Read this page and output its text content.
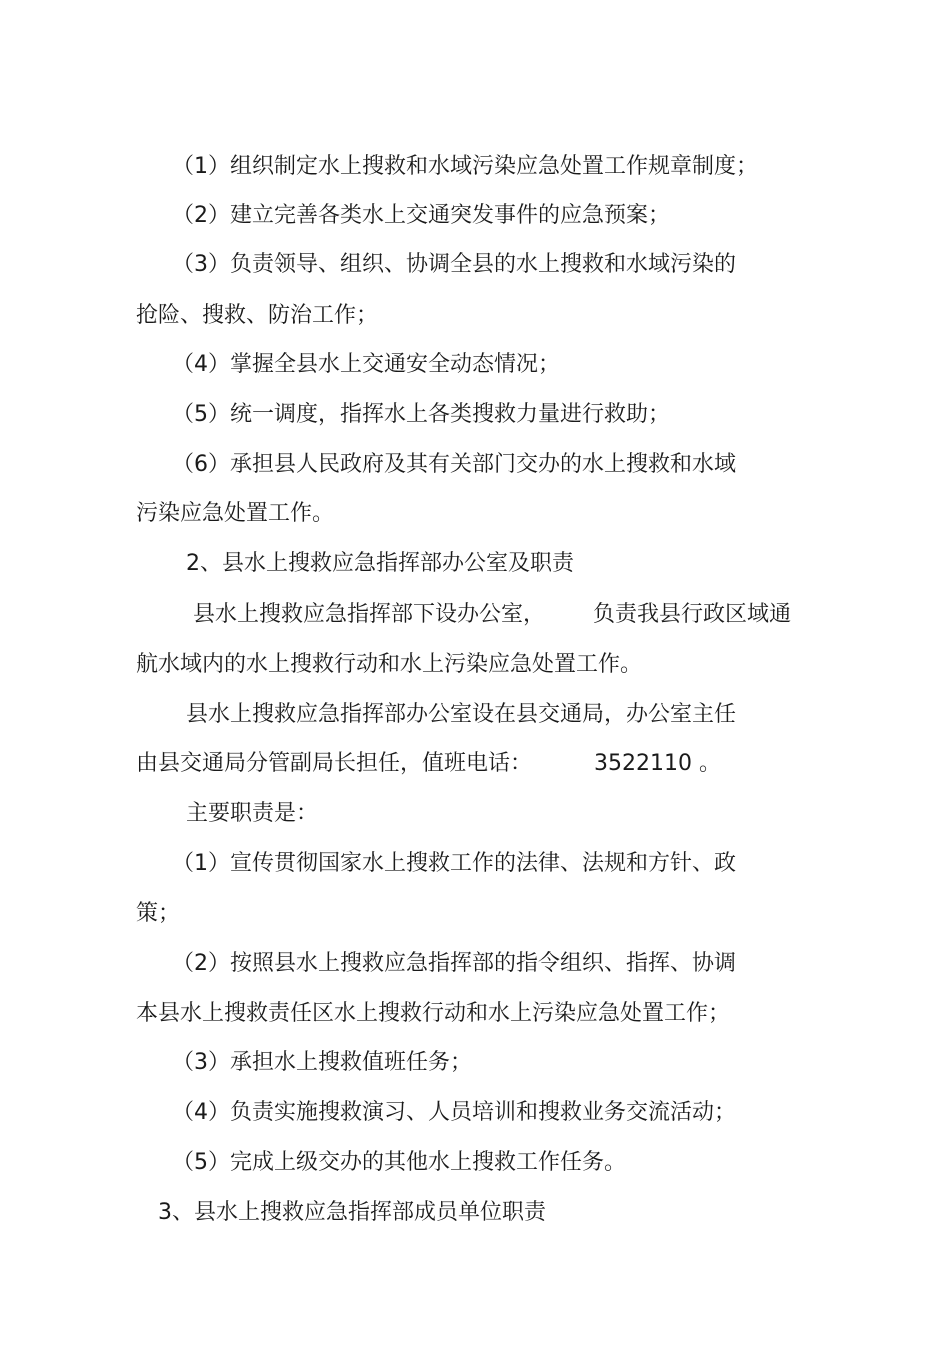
（1）组织制定水上搜救和水域污染应急处置工作规章制度；
（2）建立完善各类水上交通突发事件的应急预案；
（3）负责领导、组织、协调全县的水上搜救和水域污染的
抢险、搜救、防治工作；
（4）掌握全县水上交通安全动态情况；
（5）统一调度，指挥水上各类搜救力量进行救助；
（6）承担县人民政府及其有关部门交办的水上搜救和水域
污染应急处置工作。
2、县水上搜救应急指挥部办公室及职责
县水上搜救应急指挥部下设办公室， 负责我县行政区域通
航水域内的水上搜救行动和水上污染应急处置工作。
县水上搜救应急指挥部办公室设在县交通局，办公室主任
由县交通局分管副局长担任，值班电话：	3522110 。
主要职责是：
（1）宣传贯彻国家水上搜救工作的法律、法规和方针、政
策；
（2）按照县水上搜救应急指挥部的指令组织、指挥、协调
本县水上搜救责任区水上搜救行动和水上污染应急处置工作；
（3）承担水上搜救值班任务；
（4）负责实施搜救演习、人员培训和搜救业务交流活动；
（5）完成上级交办的其他水上搜救工作任务。
3、县水上搜救应急指挥部成员单位职责
